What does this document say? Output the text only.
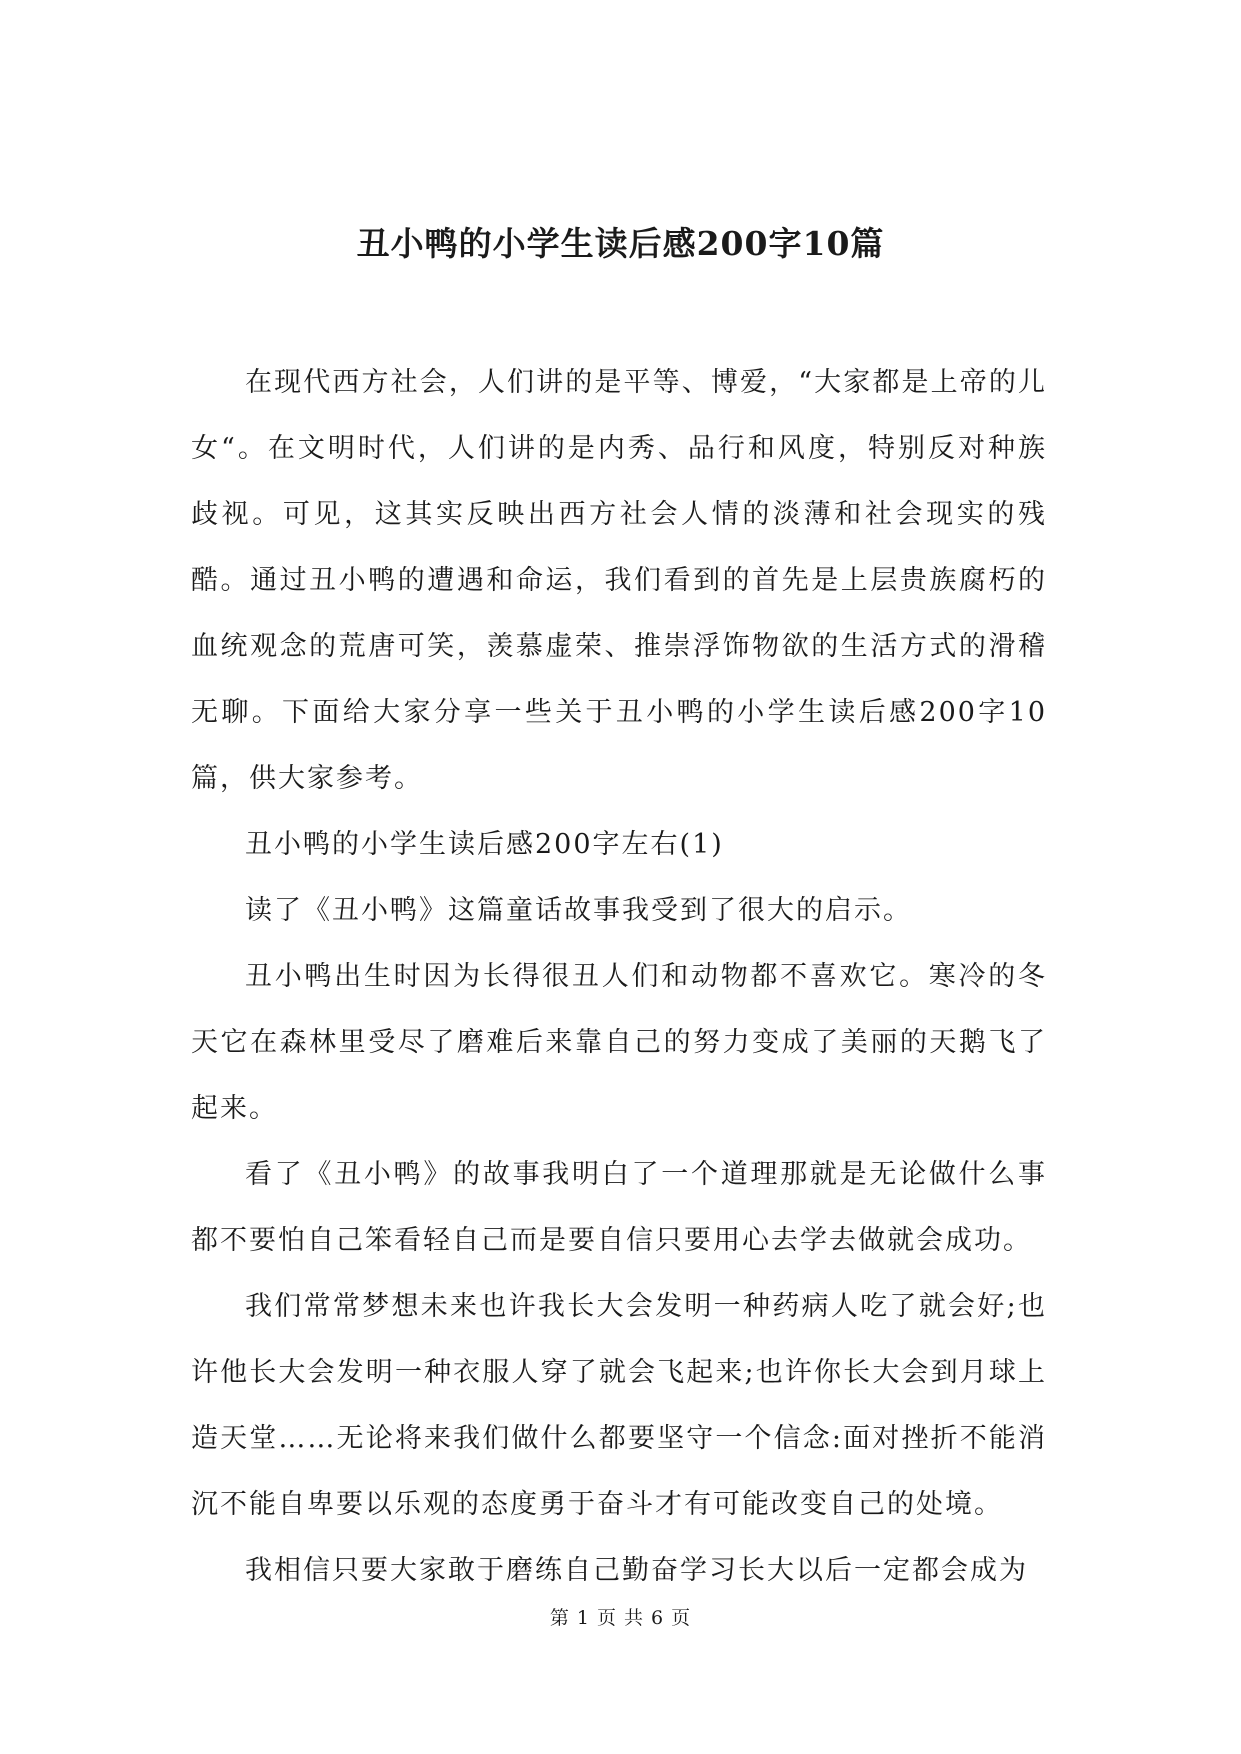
丑小鸭的小学生读后感200字10篇

在现代西方社会，人们讲的是平等、博爱，“大家都是上帝的儿女“。在文明时代，人们讲的是内秀、品行和风度，特别反对种族歧视。可见，这其实反映出西方社会人情的淡薄和社会现实的残酷。通过丑小鸭的遭遇和命运，我们看到的首先是上层贵族腐朽的血统观念的荒唐可笑，羡慕虚荣、推崇浮饰物欲的生活方式的滑稽无聊。下面给大家分享一些关于丑小鸭的小学生读后感200字10篇，供大家参考。

丑小鸭的小学生读后感200字左右(1)

读了《丑小鸭》这篇童话故事我受到了很大的启示。

丑小鸭出生时因为长得很丑人们和动物都不喜欢它。寒冷的冬天它在森林里受尽了磨难后来靠自己的努力变成了美丽的天鹅飞了起来。

看了《丑小鸭》的故事我明白了一个道理那就是无论做什么事都不要怕自己笨看轻自己而是要自信只要用心去学去做就会成功。

我们常常梦想未来也许我长大会发明一种药病人吃了就会好;也许他长大会发明一种衣服人穿了就会飞起来;也许你长大会到月球上造天堂……无论将来我们做什么都要坚守一个信念:面对挫折不能消沉不能自卑要以乐观的态度勇于奋斗才有可能改变自己的处境。

我相信只要大家敢于磨练自己勤奋学习长大以后一定都会成为

第 1 页 共 6 页
